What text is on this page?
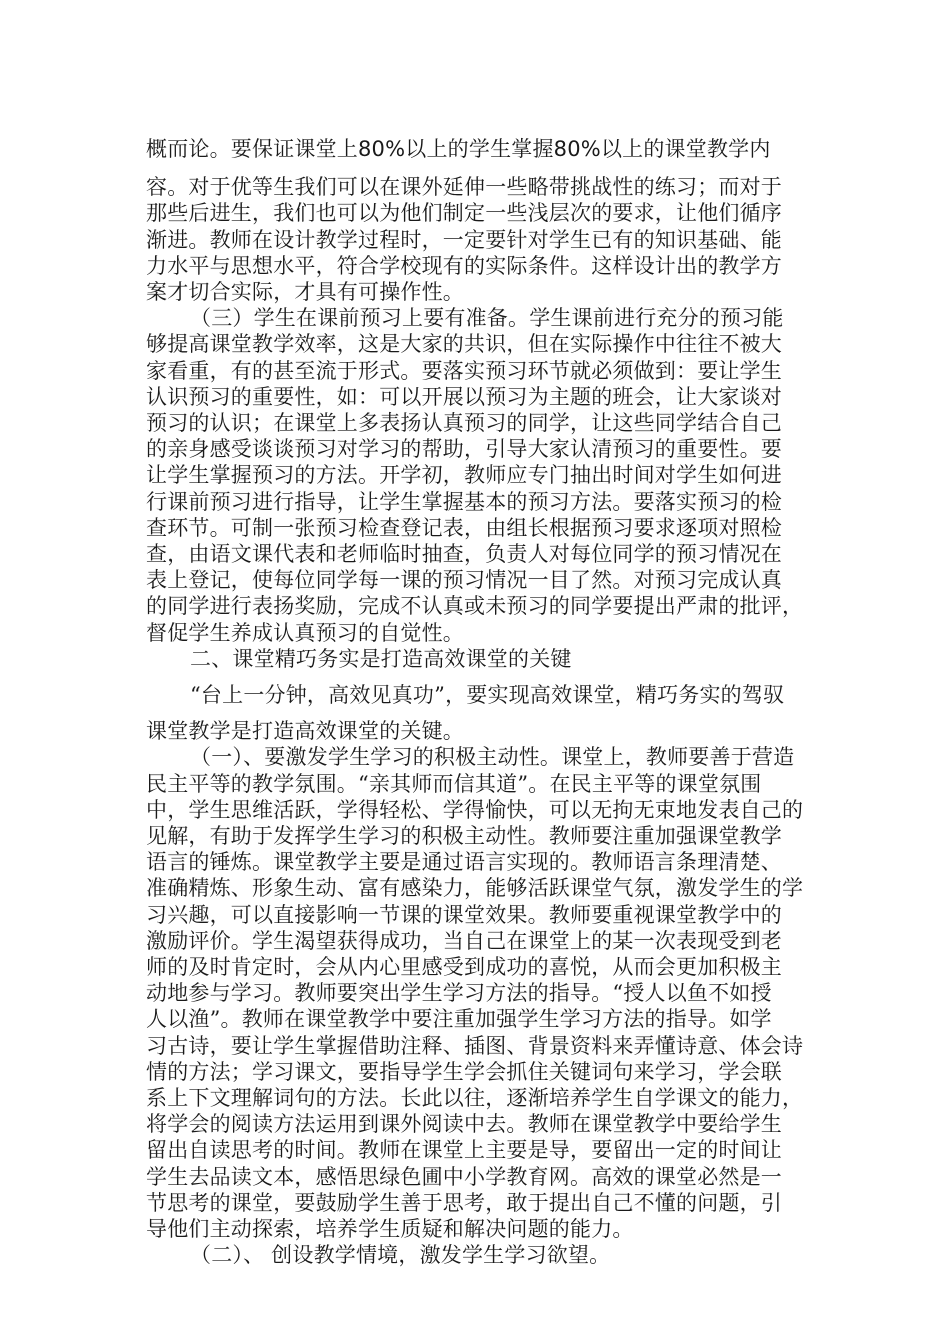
概而论。要保证课堂上80%以上的学生掌握80%以上的课堂教学内
容。对于优等生我们可以在课外延伸一些略带挑战性的练习；而对于
那些后进生，我们也可以为他们制定一些浅层次的要求，让他们循序
渐进。教师在设计教学过程时，一定要针对学生已有的知识基础、能
力水平与思想水平，符合学校现有的实际条件。这样设计出的教学方
案才切合实际，才具有可操作性。
（三）学生在课前预习上要有准备。学生课前进行充分的预习能
够提高课堂教学效率，这是大家的共识，但在实际操作中往往不被大
家看重，有的甚至流于形式。要落实预习环节就必须做到：要让学生
认识预习的重要性，如：可以开展以预习为主题的班会，让大家谈对
预习的认识；在课堂上多表扬认真预习的同学，让这些同学结合自己
的亲身感受谈谈预习对学习的帮助，引导大家认清预习的重要性。要
让学生掌握预习的方法。开学初，教师应专门抽出时间对学生如何进
行课前预习进行指导，让学生掌握基本的预习方法。要落实预习的检
查环节。可制一张预习检查登记表，由组长根据预习要求逐项对照检
查，由语文课代表和老师临时抽查，负责人对每位同学的预习情况在
表上登记，使每位同学每一课的预习情况一目了然。对预习完成认真
的同学进行表扬奖励，完成不认真或未预习的同学要提出严肃的批评，
督促学生养成认真预习的自觉性。
二、课堂精巧务实是打造高效课堂的关键
“台上一分钟，高效见真功”，要实现高效课堂，精巧务实的驾驭
课堂教学是打造高效课堂的关键。
（一）、要激发学生学习的积极主动性。课堂上，教师要善于营造
民主平等的教学氛围。“亲其师而信其道”。在民主平等的课堂氛围
中，学生思维活跃，学得轻松、学得愉快，可以无拘无束地发表自己的
见解，有助于发挥学生学习的积极主动性。教师要注重加强课堂教学
语言的锤炼。课堂教学主要是通过语言实现的。教师语言条理清楚、
准确精炼、形象生动、富有感染力，能够活跃课堂气氛，激发学生的学
习兴趣，可以直接影响一节课的课堂效果。教师要重视课堂教学中的
激励评价。学生渴望获得成功，当自己在课堂上的某一次表现受到老
师的及时肯定时，会从内心里感受到成功的喜悦，从而会更加积极主
动地参与学习。教师要突出学生学习方法的指导。“授人以鱼不如授
人以渔”。教师在课堂教学中要注重加强学生学习方法的指导。如学
习古诗，要让学生掌握借助注释、插图、背景资料来弄懂诗意、体会诗
情的方法；学习课文，要指导学生学会抓住关键词句来学习，学会联
系上下文理解词句的方法。长此以往，逐渐培养学生自学课文的能力，
将学会的阅读方法运用到课外阅读中去。教师在课堂教学中要给学生
留出自读思考的时间。教师在课堂上主要是导，要留出一定的时间让
学生去品读文本，感悟思绿色圃中小学教育网。高效的课堂必然是一
节思考的课堂，要鼓励学生善于思考，敢于提出自己不懂的问题，引
导他们主动探索，培养学生质疑和解决问题的能力。
（二）、 创设教学情境，激发学生学习欲望。
